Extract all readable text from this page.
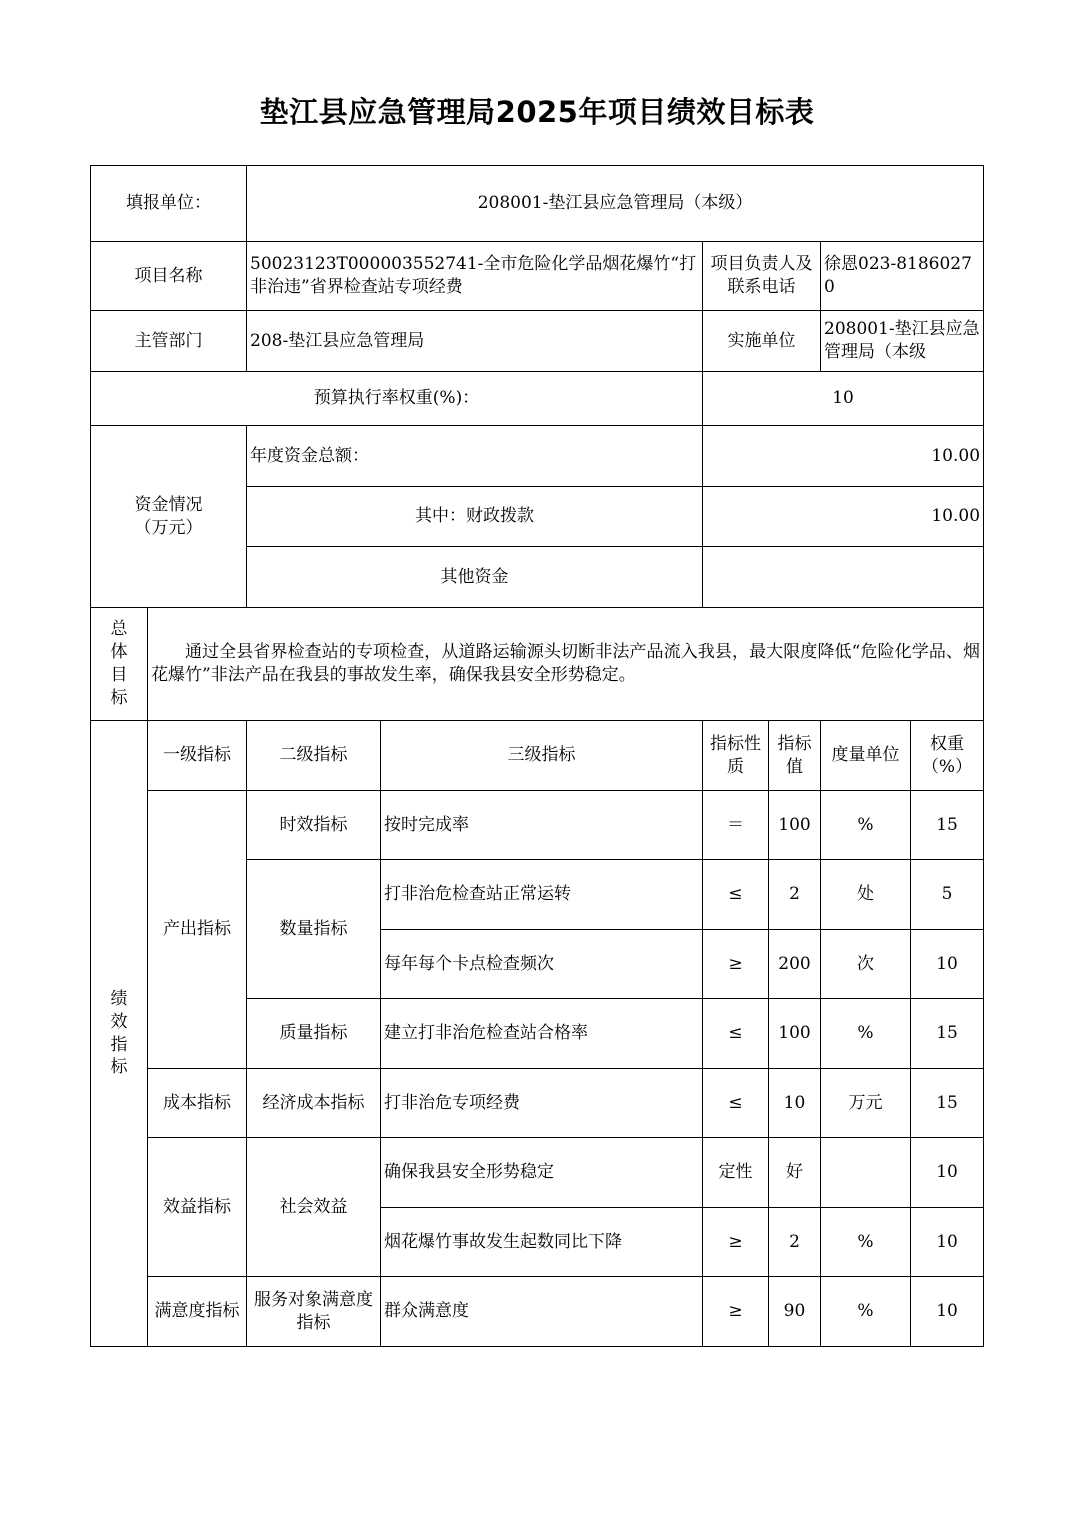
垫江县应急管理局2025年项目绩效目标表
填报单位：		208001-垫江县应急管理局（本级）					
项目名称		50023123T000003552741-全市危险化学品烟花爆竹“打非治违”省界检查站专项经费		项目负责人及联系电话		徐恩023-81860270	
主管部门		208-垫江县应急管理局		实施单位		208001-垫江县应急管理局（本级	
预算执行率权重(%)：				10			
资金情况（万元）		年度资金总额：		10.00			
		其中：财政拨款		10.00			
		其他资金					
总体目标	通过全县省界检查站的专项检查，从道路运输源头切断非法产品流入我县，最大限度降低“危险化学品、烟花爆竹”非法产品在我县的事故发生率，确保我县安全形势稳定。						
绩效指标	一级指标	二级指标	三级指标	指标性质	指标值	度量单位	权重（%）
	产出指标	时效指标	按时完成率	＝	100	%	15
		数量指标	打非治危检查站正常运转	≤	2	处	5
			每年每个卡点检查频次	≥	200	次	10
		质量指标	建立打非治危检查站合格率	≤	100	%	15
	成本指标	经济成本指标	打非治危专项经费	≤	10	万元	15
	效益指标	社会效益	确保我县安全形势稳定	定性	好		10
			烟花爆竹事故发生起数同比下降	≥	2	%	10
	满意度指标	服务对象满意度指标	群众满意度	≥	90	%	10
